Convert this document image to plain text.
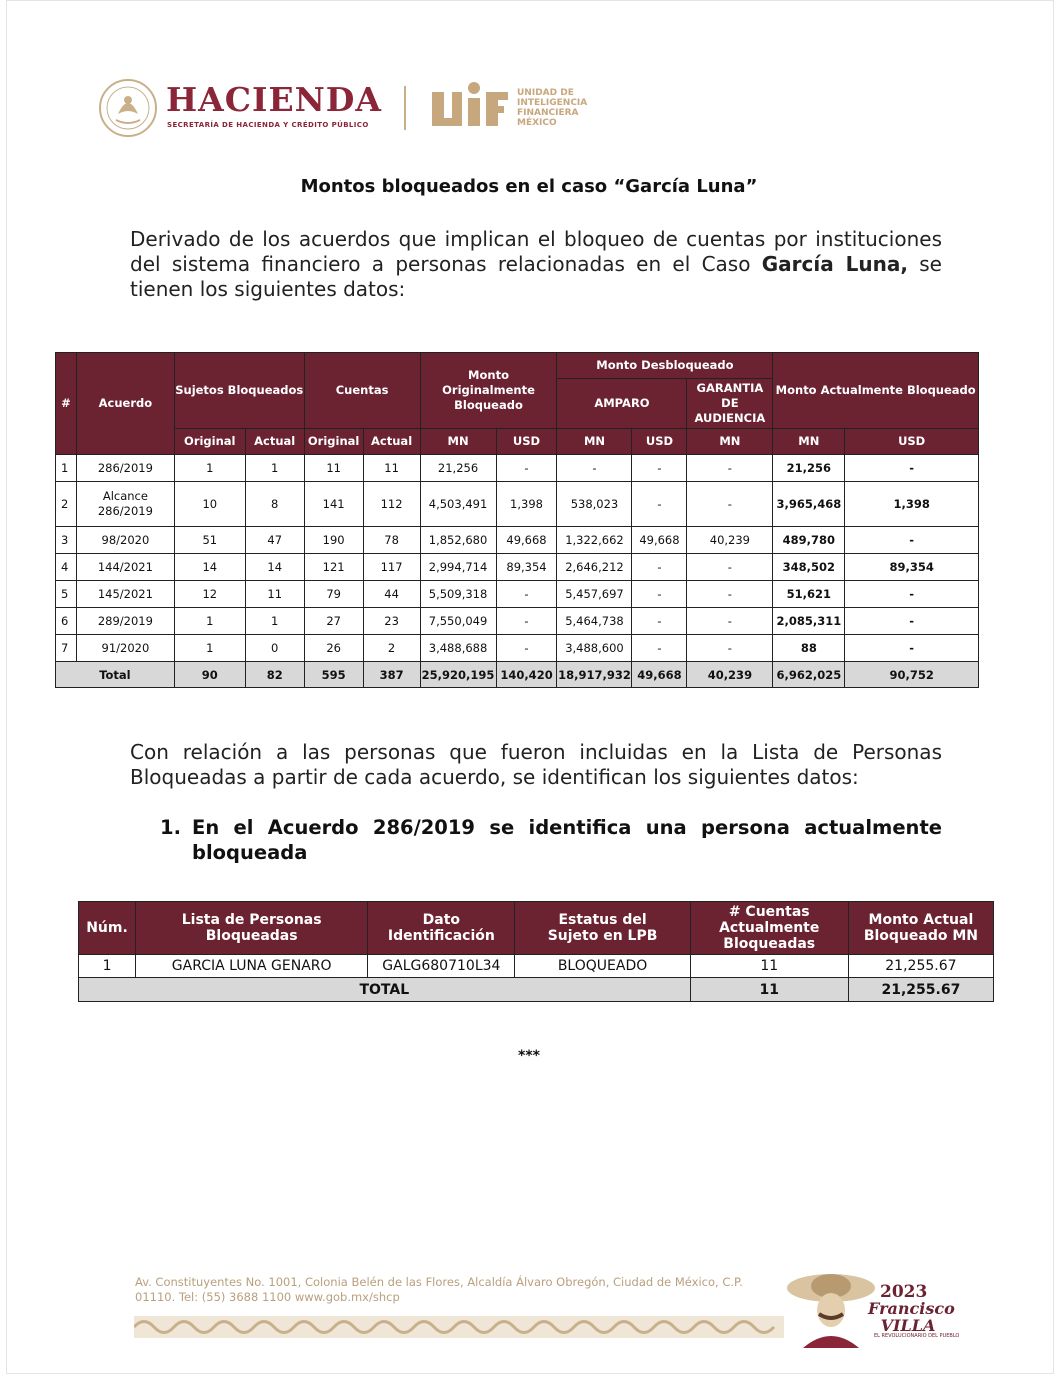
HACIENDA
SECRETARÍA DE HACIENDA Y CRÉDITO PÚBLICO
UNIDAD DE
INTELIGENCIA
FINANCIERA
MÉXICO
Montos bloqueados en el caso “García Luna”
Derivado de los acuerdos que implican el bloqueo de cuentas por instituciones del sistema financiero a personas relacionadas en el Caso García Luna, se tienen los siguientes datos:
#	Acuerdo	Sujetos Bloqueados		Cuentas		Monto Originalmente Bloqueado		Monto Desbloqueado			Monto Actualmente Bloqueado	
								AMPARO		GARANTIA DE AUDIENCIA		
		Original	Actual	Original	Actual	MN	USD	MN	USD	MN	MN	USD
1	286/2019	1	1	11	11	21,256	-	-	-	-	21,256	-
2	Alcance 286/2019	10	8	141	112	4,503,491	1,398	538,023	-	-	3,965,468	1,398
3	98/2020	51	47	190	78	1,852,680	49,668	1,322,662	49,668	40,239	489,780	-
4	144/2021	14	14	121	117	2,994,714	89,354	2,646,212	-	-	348,502	89,354
5	145/2021	12	11	79	44	5,509,318	-	5,457,697	-	-	51,621	-
6	289/2019	1	1	27	23	7,550,049	-	5,464,738	-	-	2,085,311	-
7	91/2020	1	0	26	2	3,488,688	-	3,488,600	-	-	88	-
Total		90	82	595	387	25,920,195	140,420	18,917,932	49,668	40,239	6,962,025	90,752
Con relación a las personas que fueron incluidas en la Lista de Personas Bloqueadas a partir de cada acuerdo, se identifican los siguientes datos:
1. En el Acuerdo 286/2019 se identifica una persona actualmente bloqueada
Núm.	Lista de Personas Bloqueadas	Dato Identificación	Estatus del Sujeto en LPB	# Cuentas Actualmente Bloqueadas	Monto Actual Bloqueado MN

1	GARCIA LUNA GENARO	GALG680710L34	BLOQUEADO	11	21,255.67
TOTAL				11	21,255.67
***
Av. Constituyentes No. 1001, Colonia Belén de las Flores, Alcaldía Álvaro Obregón, Ciudad de México, C.P. 01110. Tel: (55) 3688 1100 www.gob.mx/shcp	2023
Francisco
VILLA
EL REVOLUCIONARIO DEL PUEBLO
